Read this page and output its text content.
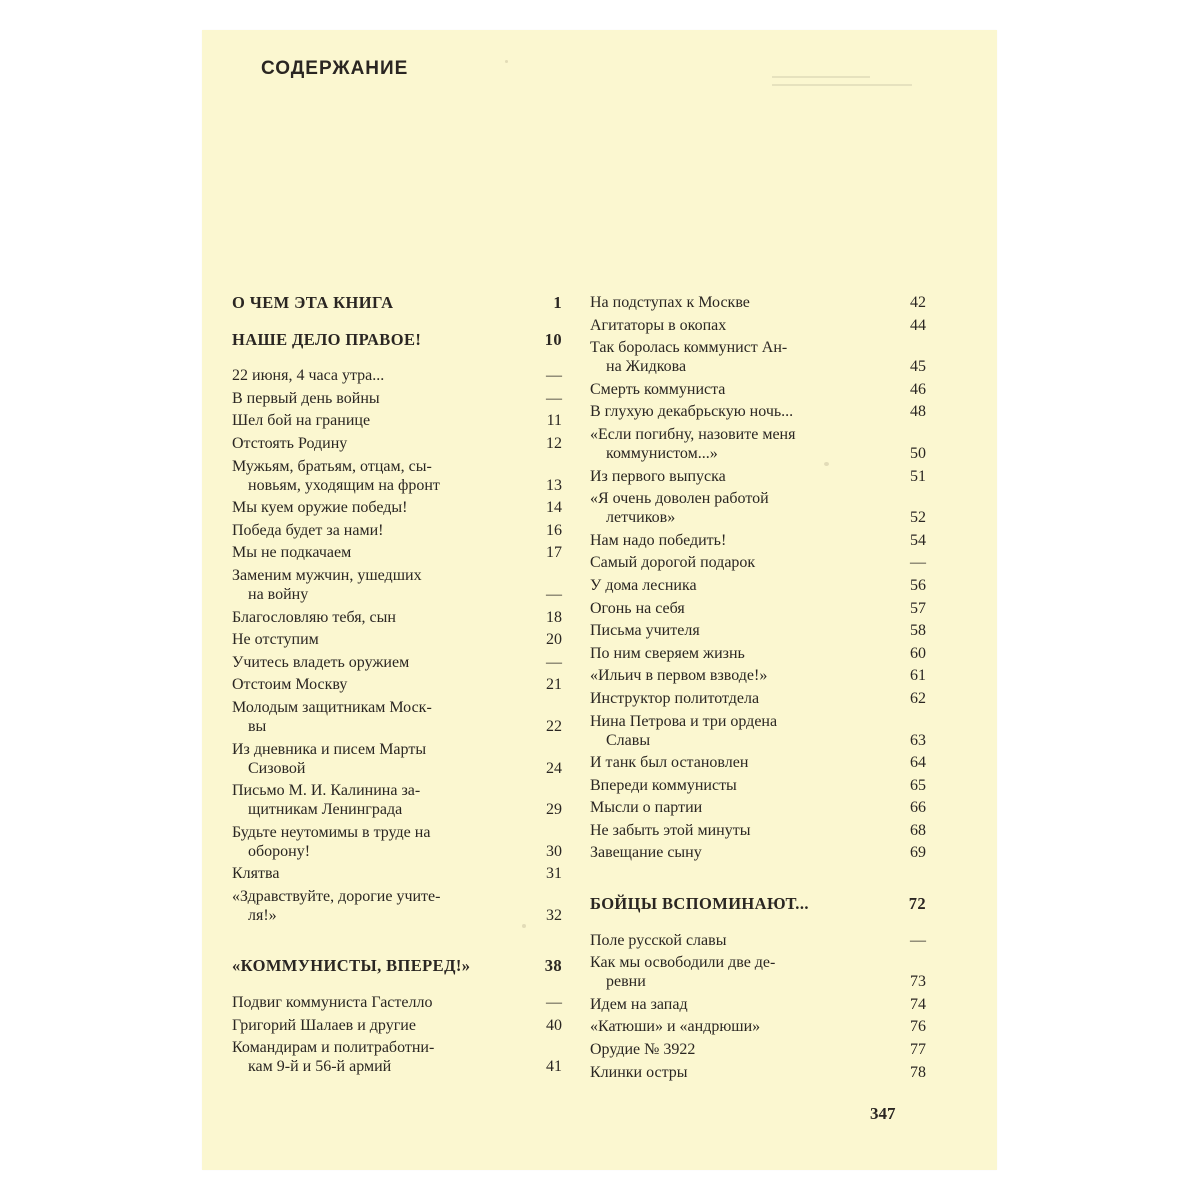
СОДЕРЖАНИЕ
О ЧЕМ ЭТА КНИГА	1
НАШЕ ДЕЛО ПРАВОЕ!	10
22 июня, 4 часа утра...	—
В первый день войны	—
Шел бой на границе	11
Отстоять Родину	12
Мужьям, братьям, отцам, сы-
новьям, уходящим на фронт	13
Мы куем оружие победы!	14
Победа будет за нами!	16
Мы не подкачаем	17
Заменим мужчин, ушедших
на войну	—
Благословляю тебя, сын	18
Не отступим	20
Учитесь владеть оружием	—
Отстоим Москву	21
Молодым защитникам Моск-
вы	22
Из дневника и писем Марты
Сизовой	24
Письмо М. И. Калинина за-
щитникам Ленинграда	29
Будьте неутомимы в труде на
оборону!	30
Клятва	31
«Здравствуйте, дорогие учите-
ля!»	32
«КОММУНИСТЫ, ВПЕРЕД!»	38
Подвиг коммуниста Гастелло	—
Григорий Шалаев и другие	40
Командирам и политработни-
кам 9-й и 56-й армий	41
На подступах к Москве	42
Агитаторы в окопах	44
Так боролась коммунист Ан-
на Жидкова	45
Смерть коммуниста	46
В глухую декабрьскую ночь...	48
«Если погибну, назовите меня
коммунистом...»	50
Из первого выпуска	51
«Я очень доволен работой
летчиков»	52
Нам надо победить!	54
Самый дорогой подарок	—
У дома лесника	56
Огонь на себя	57
Письма учителя	58
По ним сверяем жизнь	60
«Ильич в первом взводе!»	61
Инструктор политотдела	62
Нина Петрова и три ордена
Славы	63
И танк был остановлен	64
Впереди коммунисты	65
Мысли о партии	66
Не забыть этой минуты	68
Завещание сыну	69
БОЙЦЫ ВСПОМИНАЮТ...	72
Поле русской славы	—
Как мы освободили две де-
ревни	73
Идем на запад	74
«Катюши» и «андрюши»	76
Орудие № 3922	77
Клинки остры	78
347
